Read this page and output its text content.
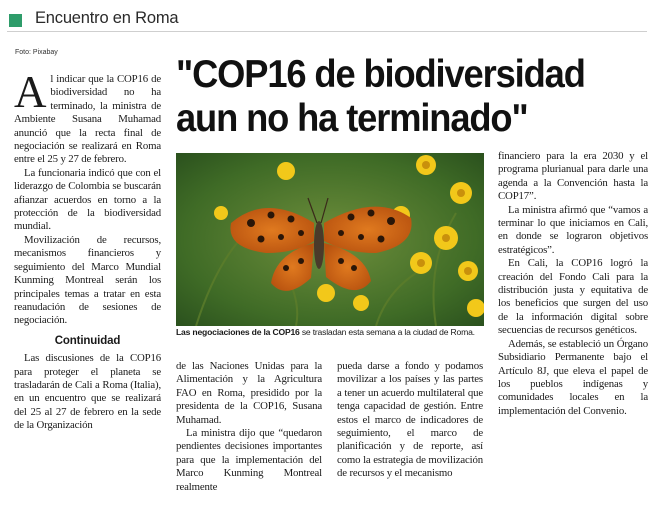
Encuentro en Roma
Foto: Pixabay
"COP16 de biodiversidad
aun no ha terminado"

Al indicar que la COP16 de biodiversidad no ha terminado, la ministra de Ambiente Susana Muhamad anunció que la recta final de negociación se realizará en Roma entre el 25 y 27 de febrero.

La funcionaria indicó que con el liderazgo de Colombia se buscarán afianzar acuerdos en torno a la protección de la biodiversidad mundial.

Movilización de recursos, mecanismos financieros y seguimiento del Marco Mundial Kunming Montreal serán los principales temas a tratar en esta reanudación de sesiones de negociación.

Continuidad

Las discusiones de la COP16 para proteger el planeta se trasladarán de Cali a Roma (Italia), en un encuentro que se realizará del 25 al 27 de febrero en la sede de la Organización

Las negociaciones de la COP16 se trasladan esta semana a la ciudad de Roma.

de las Naciones Unidas para la Alimentación y la Agricultura FAO en Roma, presidido por la presidenta de la COP16, Susana Muhamad.

La ministra dijo que “quedaron pendientes decisiones importantes para que la implementación del Marco Kunming Montreal realmente

pueda darse a fondo y podamos movilizar a los países y las partes a tener un acuerdo multilateral que tenga capacidad de gestión. Entre estos el marco de indicadores de seguimiento, el marco de planificación y de reporte, así como la estrategia de movilización de recursos y el mecanismo

financiero para la era 2030 y el programa plurianual para darle una agenda a la Convención hasta la COP17”.

La ministra afirmó que “vamos a terminar lo que iniciamos en Cali, en donde se lograron objetivos estratégicos”.

En Cali, la COP16 logró la creación del Fondo Cali para la distribución justa y equitativa de los beneficios que surgen del uso de la información digital sobre secuencias de recursos genéticos.

Además, se estableció un Órgano Subsidiario Permanente bajo el Artículo 8J, que eleva el papel de los pueblos indígenas y comunidades locales en la implementación del Convenio.
